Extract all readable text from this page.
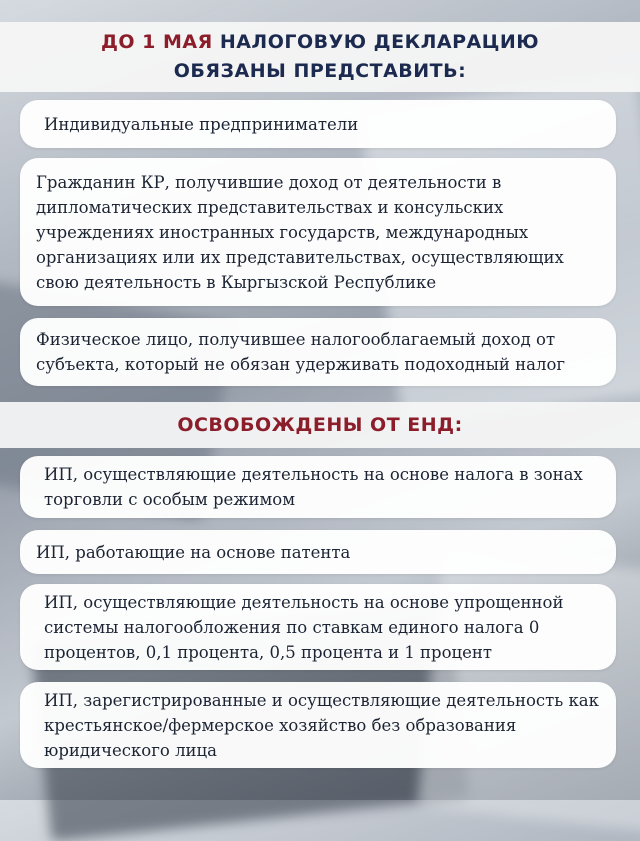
ДО 1 МАЯ НАЛОГОВУЮ ДЕКЛАРАЦИЮ
ОБЯЗАНЫ ПРЕДСТАВИТЬ:
Индивидуальные предприниматели
Гражданин КР, получившие доход от деятельности в дипломатических представительствах и консульских учреждениях иностранных государств, международных организациях или их представительствах, осуществляющих свою деятельность в Кыргызской Республике
Физическое лицо, получившее налогооблагаемый доход от субъекта, который не обязан удерживать подоходный налог
ОСВОБОЖДЕНЫ ОТ ЕНД:
ИП, осуществляющие деятельность на основе налога в зонах торговли с особым режимом
ИП, работающие на основе патента
ИП, осуществляющие деятельность на основе упрощенной системы налогообложения по ставкам единого налога 0 процентов, 0,1 процента, 0,5 процента и 1 процент
ИП, зарегистрированные и осуществляющие деятельность как крестьянское/фермерское хозяйство без образования юридического лица
